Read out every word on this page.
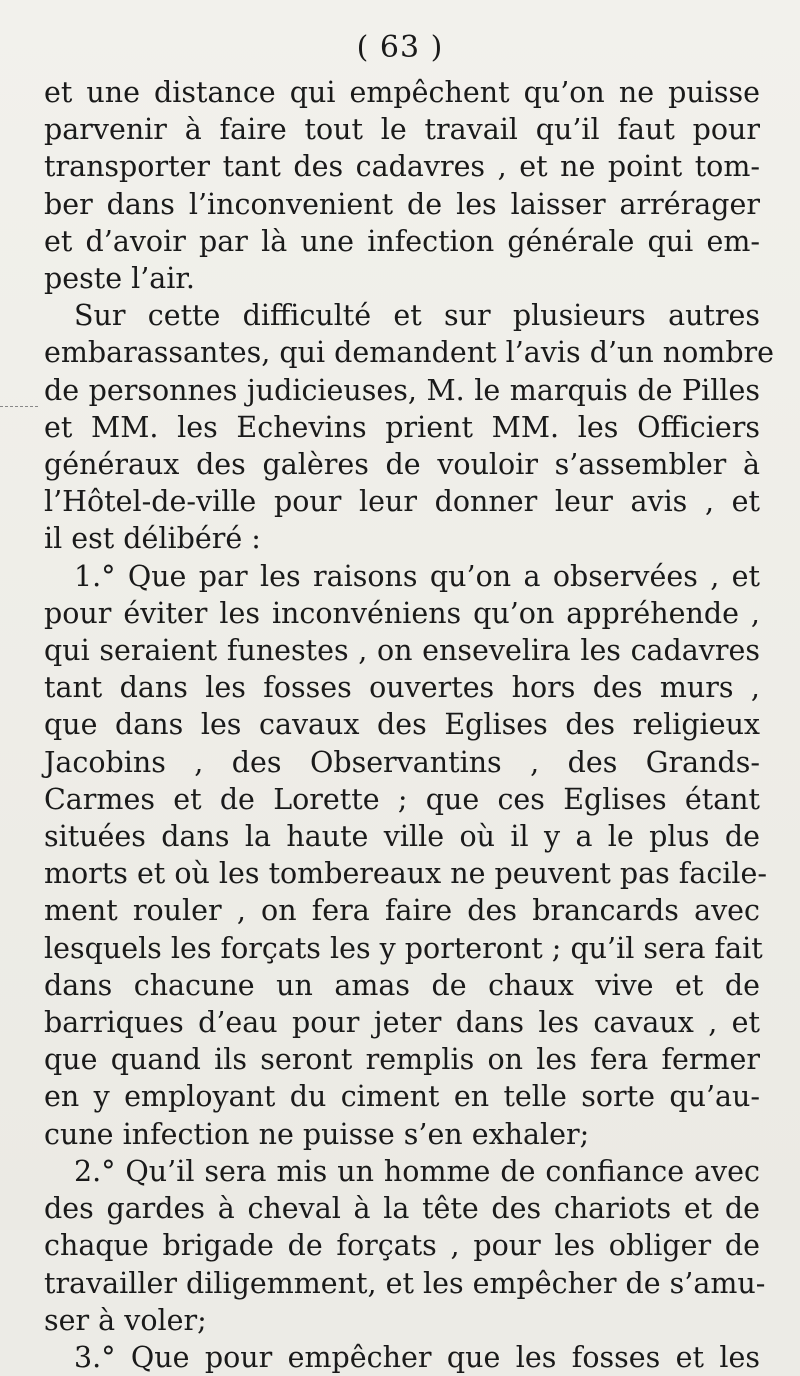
( 63 )
et une distance qui empêchent qu’on ne puisse
parvenir à faire tout le travail qu’il faut pour
transporter tant des cadavres , et ne point tom-
ber dans l’inconvenient de les laisser arrérager
et d’avoir par là une infection générale qui em-
peste l’air.
Sur cette difficulté et sur plusieurs autres
embarassantes, qui demandent l’avis d’un nombre
de personnes judicieuses, M. le marquis de Pilles
et MM. les Echevins prient MM. les Officiers
généraux des galères de vouloir s’assembler à
l’Hôtel-de-ville pour leur donner leur avis , et
il est délibéré :
1.° Que par les raisons qu’on a observées , et
pour éviter les inconvéniens qu’on appréhende ,
qui seraient funestes , on ensevelira les cadavres
tant dans les fosses ouvertes hors des murs ,
que dans les cavaux des Eglises des religieux
Jacobins , des Observantins , des Grands-
Carmes et de Lorette ; que ces Eglises étant
situées dans la haute ville où il y a le plus de
morts et où les tombereaux ne peuvent pas facile-
ment rouler , on fera faire des brancards avec
lesquels les forçats les y porteront ; qu’il sera fait
dans chacune un amas de chaux vive et de
barriques d’eau pour jeter dans les cavaux , et
que quand ils seront remplis on les fera fermer
en y employant du ciment en telle sorte qu’au-
cune infection ne puisse s’en exhaler;
2.° Qu’il sera mis un homme de confiance avec
des gardes à cheval à la tête des chariots et de
chaque brigade de forçats , pour les obliger de
travailler diligemment, et les empêcher de s’amu-
ser à voler;
3.° Que pour empêcher que les fosses et les
